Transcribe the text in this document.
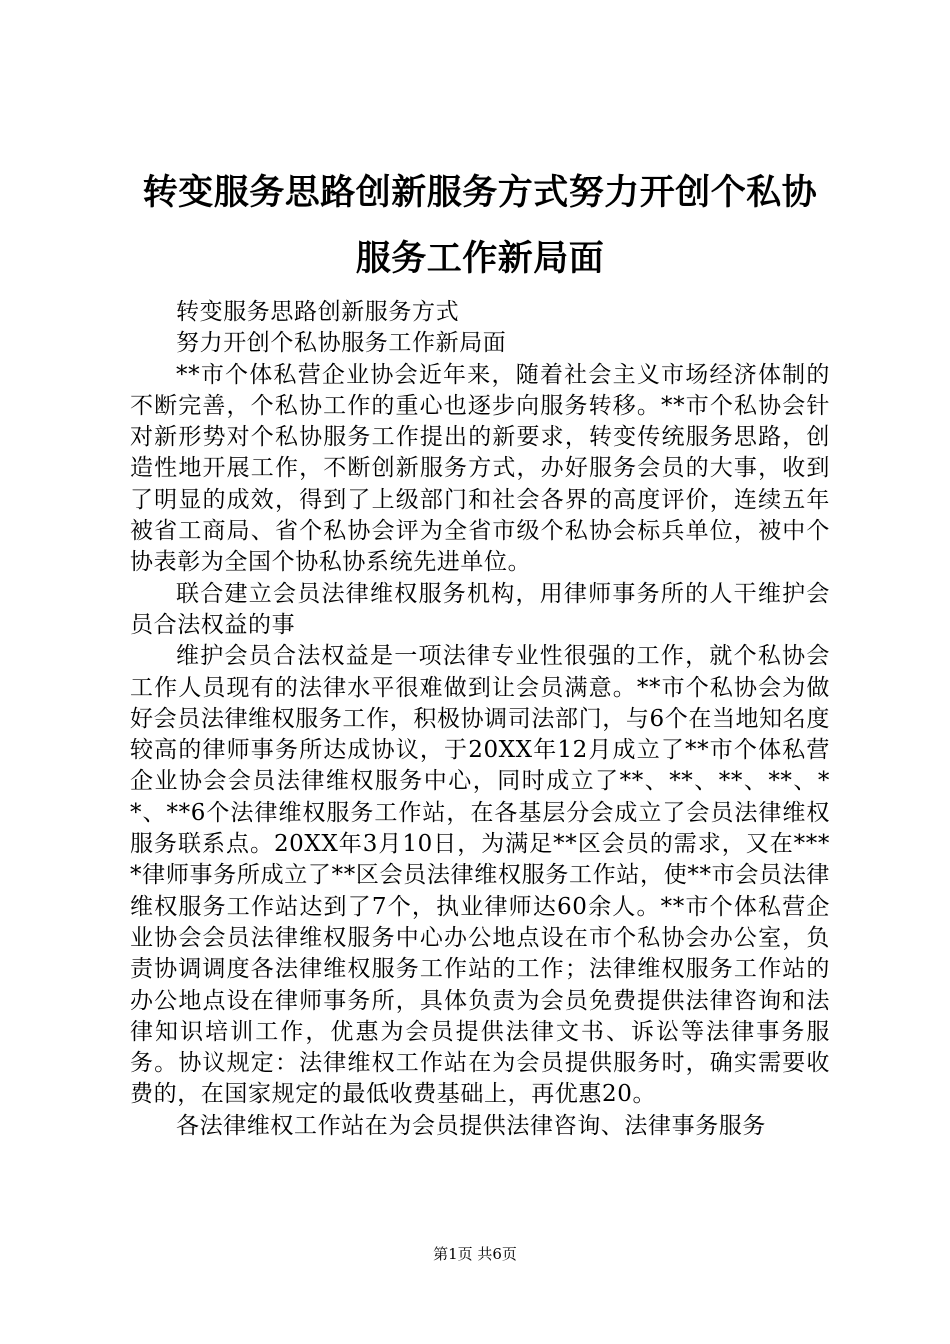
转变服务思路创新服务方式努力开创个私协服务工作新局面

转变服务思路创新服务方式

努力开创个私协服务工作新局面

**市个体私营企业协会近年来，随着社会主义市场经济体制的不断完善，个私协工作的重心也逐步向服务转移。**市个私协会针对新形势对个私协服务工作提出的新要求，转变传统服务思路，创造性地开展工作，不断创新服务方式，办好服务会员的大事，收到了明显的成效，得到了上级部门和社会各界的高度评价，连续五年被省工商局、省个私协会评为全省市级个私协会标兵单位，被中个协表彰为全国个协私协系统先进单位。

联合建立会员法律维权服务机构，用律师事务所的人干维护会员合法权益的事

维护会员合法权益是一项法律专业性很强的工作，就个私协会工作人员现有的法律水平很难做到让会员满意。**市个私协会为做好会员法律维权服务工作，积极协调司法部门，与6个在当地知名度较高的律师事务所达成协议，于20XX年12月成立了**市个体私营企业协会会员法律维权服务中心，同时成立了**、**、**、**、**、**6个法律维权服务工作站，在各基层分会成立了会员法律维权服务联系点。20XX年3月10日，为满足**区会员的需求，又在****律师事务所成立了**区会员法律维权服务工作站，使**市会员法律维权服务工作站达到了7个，执业律师达60余人。**市个体私营企业协会会员法律维权服务中心办公地点设在市个私协会办公室，负责协调调度各法律维权服务工作站的工作；法律维权服务工作站的办公地点设在律师事务所，具体负责为会员免费提供法律咨询和法律知识培训工作，优惠为会员提供法律文书、诉讼等法律事务服务。协议规定：法律维权工作站在为会员提供服务时，确实需要收费的，在国家规定的最低收费基础上，再优惠20。

各法律维权工作站在为会员提供法律咨询、法律事务服务

第1页 共6页
